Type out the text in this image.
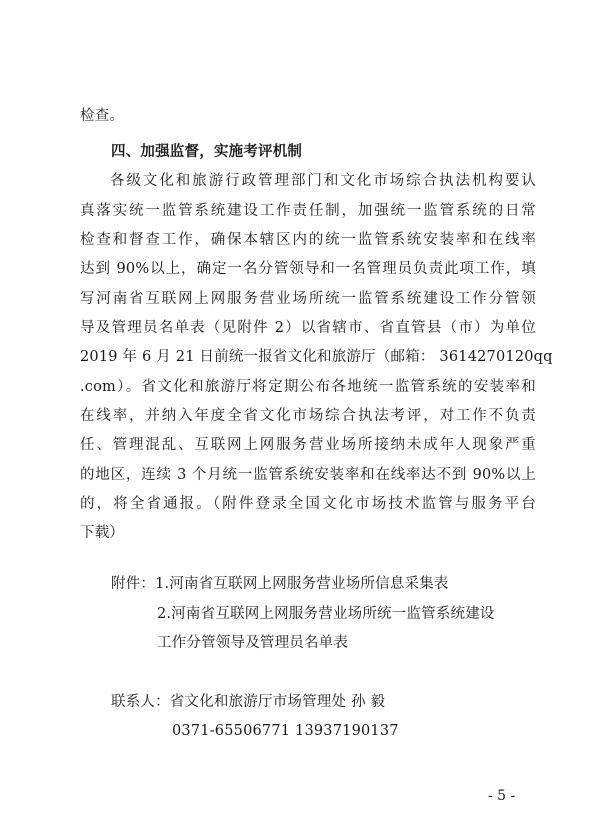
检查。
四、加强监督，实施考评机制
各级文化和旅游行政管理部门和文化市场综合执法机构要认
真落实统一监管系统建设工作责任制，加强统一监管系统的日常
检查和督查工作，确保本辖区内的统一监管系统安装率和在线率
达到 90%以上，确定一名分管领导和一名管理员负责此项工作，填
写河南省互联网上网服务营业场所统一监管系统建设工作分管领
导及管理员名单表（见附件 2）以省辖市、省直管县（市）为单位
2019 年 6 月 21 日前统一报省文化和旅游厅（邮箱： 3614270120qq
.com）。省文化和旅游厅将定期公布各地统一监管系统的安装率和
在线率，并纳入年度全省文化市场综合执法考评，对工作不负责
任、管理混乱、互联网上网服务营业场所接纳未成年人现象严重
的地区，连续 3 个月统一监管系统安装率和在线率达不到 90%以上
的，将全省通报。（附件登录全国文化市场技术监管与服务平台
下载）
附件：1.河南省互联网上网服务营业场所信息采集表
2.河南省互联网上网服务营业场所统一监管系统建设
工作分管领导及管理员名单表
联系人：省文化和旅游厅市场管理处 孙 毅
0371-65506771 13937190137
- 5 -
